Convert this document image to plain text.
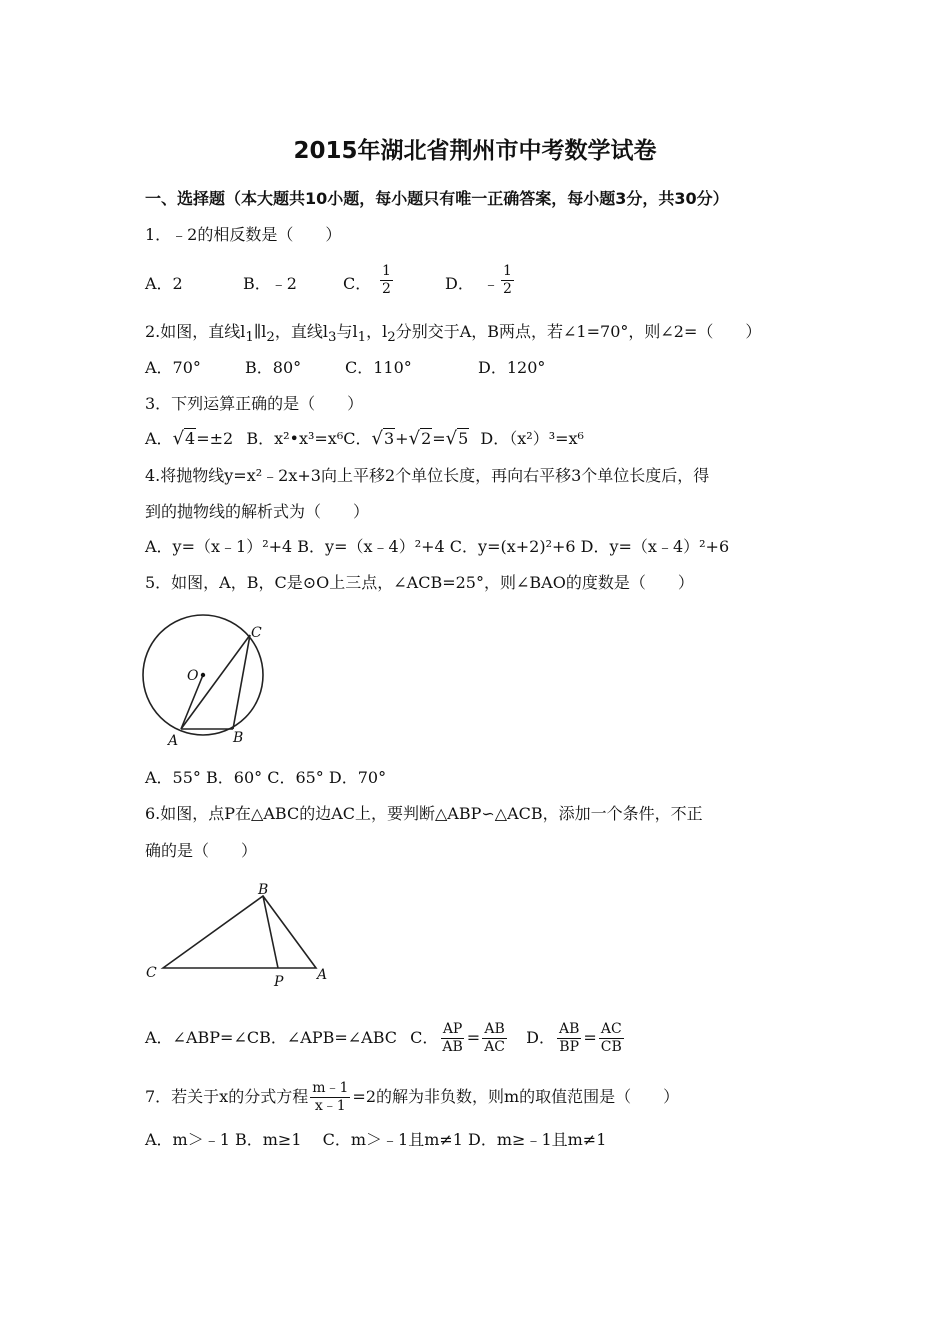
2015年湖北省荆州市中考数学试卷
一、选择题（本大题共10小题，每小题只有唯一正确答案，每小题3分，共30分）
1．﹣2的相反数是（　　）
A．2	B．﹣2	C． $\frac{1}{2}$	D． ﹣ $\frac{1}{2}$
2.如图，直线$l_1\parallel l_2$，直线$l_3$与$l_1$，$l_2$分别交于A，B两点，若∠1=70°，则∠2=（　　）
A．70°	B．80°	C．110°	D．120°
3．下列运算正确的是（　　）
A．√4=±2 B．x²•x³=x⁶C．√3+√2=√5 D．（x²）³=x⁶
4.将抛物线y=x²﹣2x+3向上平移2个单位长度，再向右平移3个单位长度后，得
到的抛物线的解析式为（　　）
A．y=（x﹣1）²+4 B．y=（x﹣4）²+4 C．y=(x+2)²+6 D．y=（x﹣4）²+6
5．如图，A，B，C是⊙O上三点，∠ACB=25°，则∠BAO的度数是（　　）
O
A	B
C
A．55° B．60° C．65° D．70°
6.如图，点P在△ABC的边AC上，要判断△ABP∽△ACB，添加一个条件，不正
确的是（　　）
B
C	A
P
A．∠ABP=∠CB．∠APB=∠ABC C． $\frac{AP}{AB} = \frac{AB}{AC}$ D． $\frac{AB}{BP} = \frac{AC}{CB}$
7．若关于x的分式方程 $\frac{m﹣1}{x﹣1} =2$的解为非负数，则m的取值范围是（　　）
A．m＞﹣1 B．m≥1　 C．m＞﹣1且m≠1 D．m≥﹣1且m≠1
